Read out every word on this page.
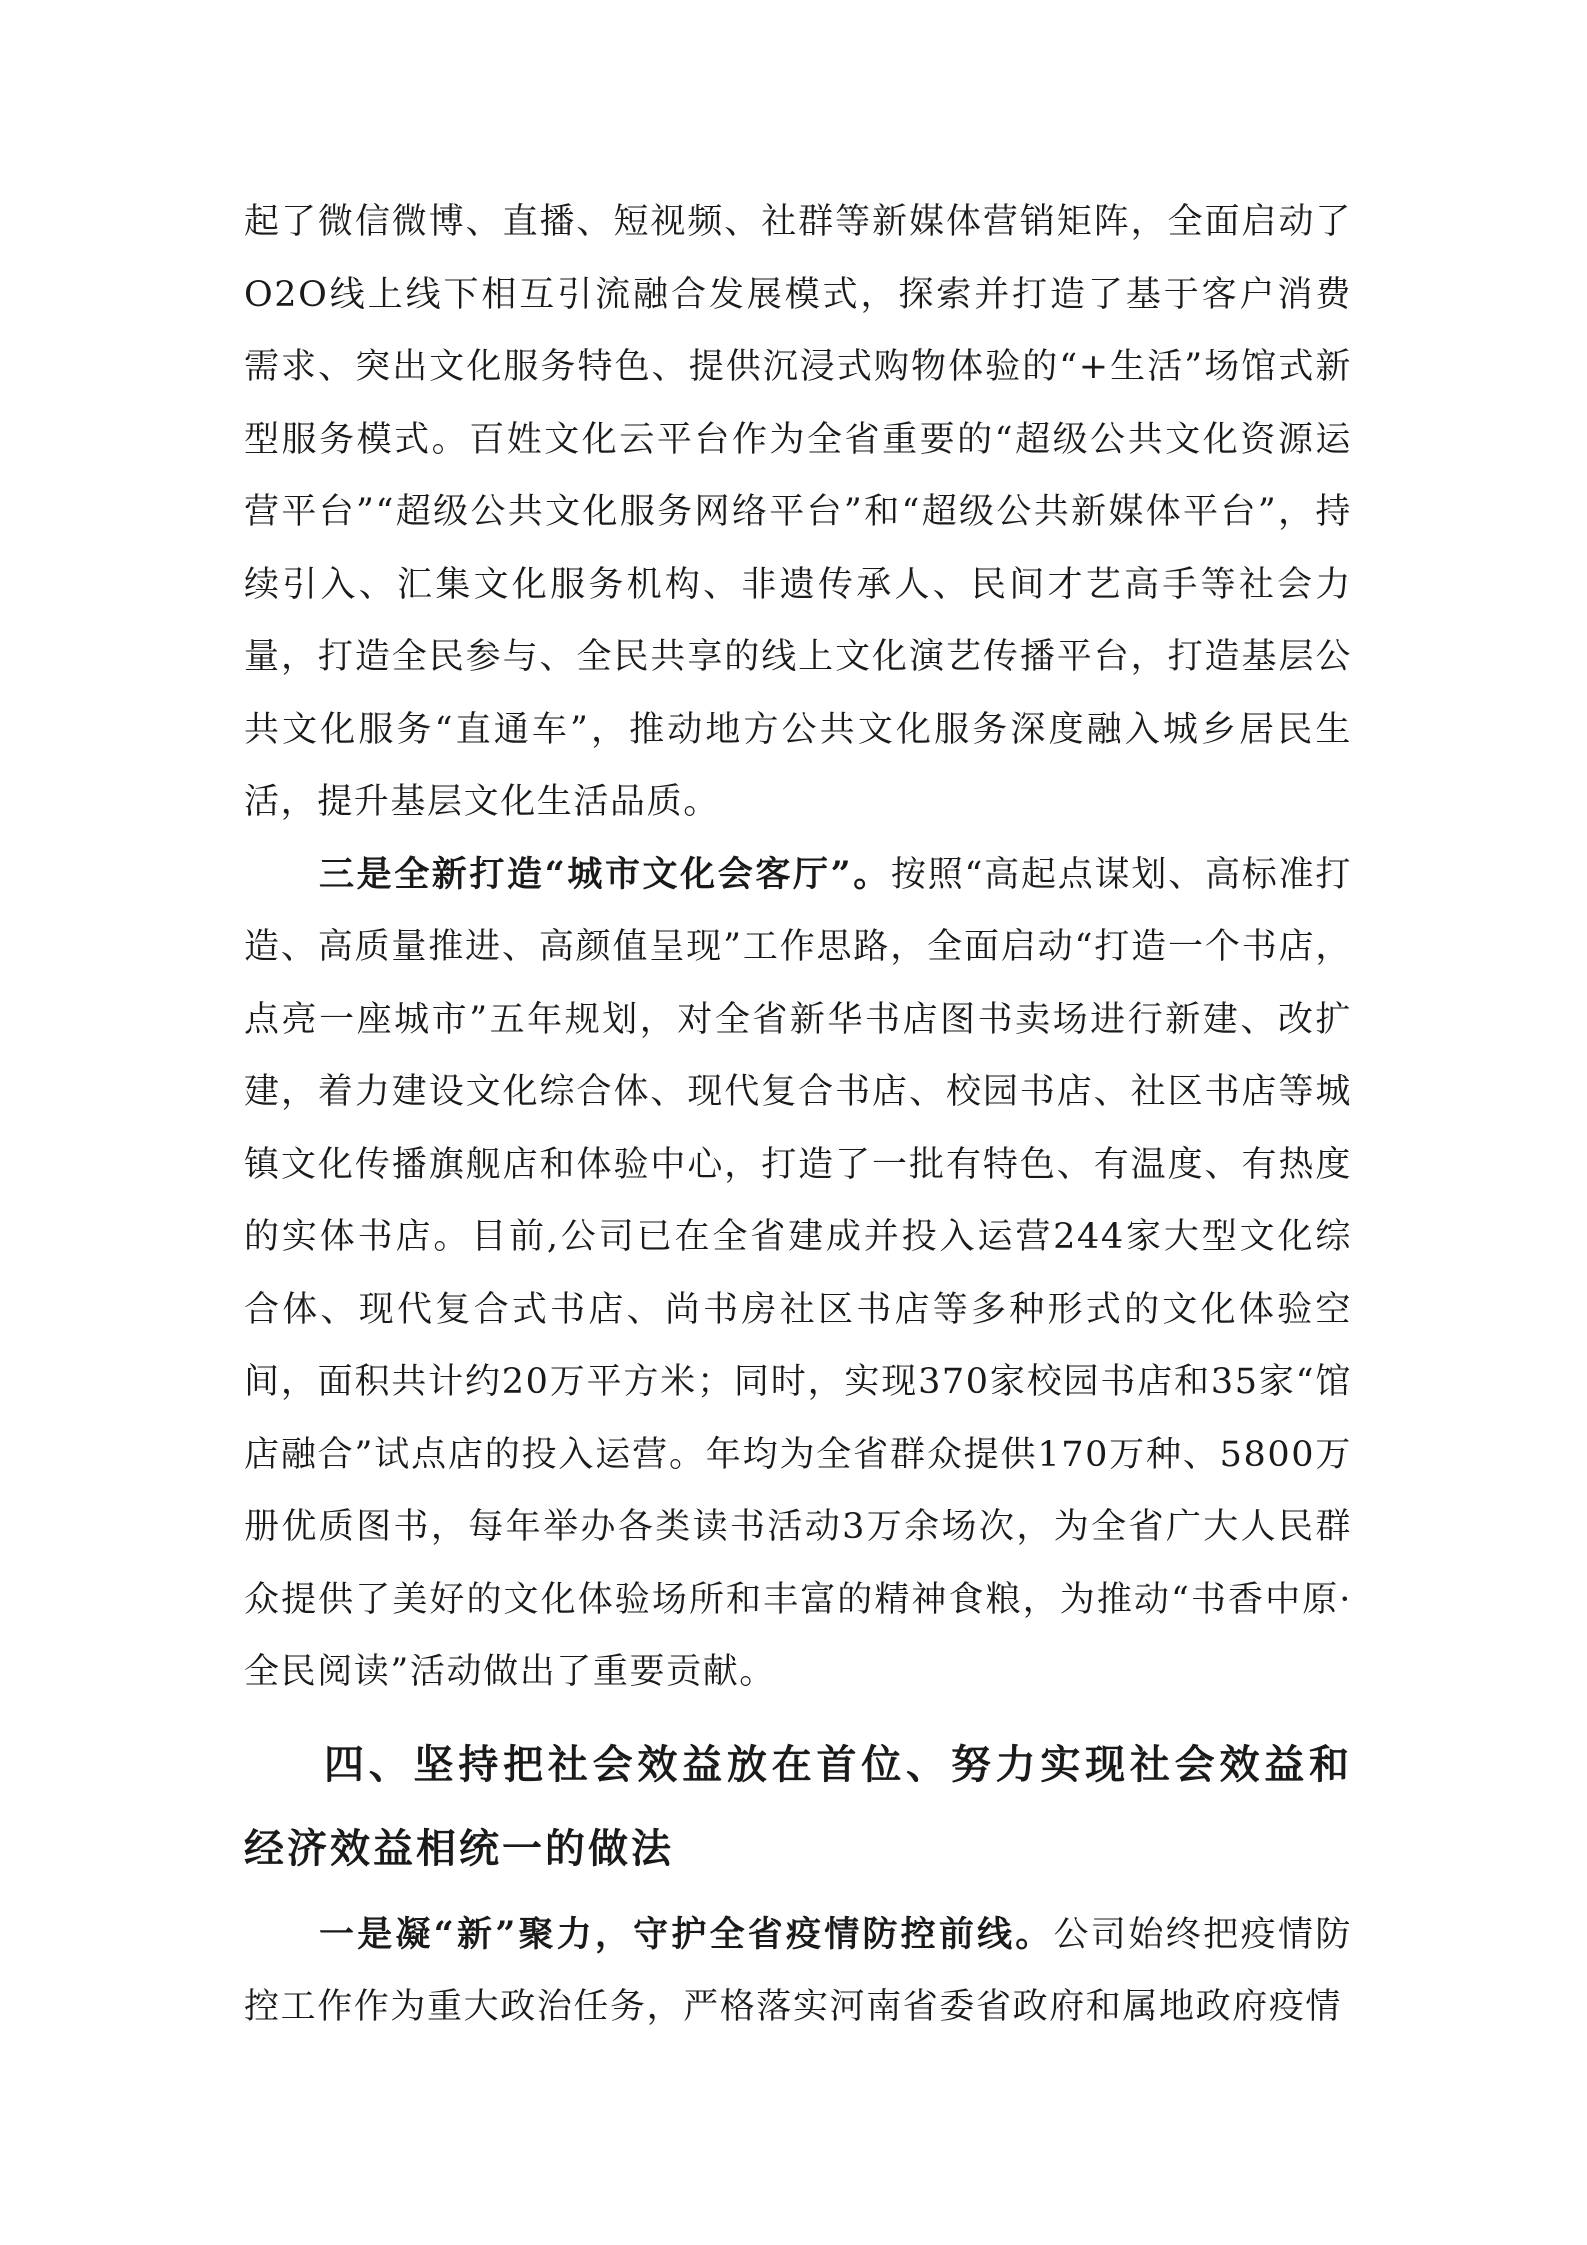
起了微信微博、直播、短视频、社群等新媒体营销矩阵，全面启动了O2O线上线下相互引流融合发展模式，探索并打造了基于客户消费需求、突出文化服务特色、提供沉浸式购物体验的“+生活”场馆式新型服务模式。百姓文化云平台作为全省重要的“超级公共文化资源运营平台”“超级公共文化服务网络平台”和“超级公共新媒体平台”，持续引入、汇集文化服务机构、非遗传承人、民间才艺高手等社会力量，打造全民参与、全民共享的线上文化演艺传播平台，打造基层公共文化服务“直通车”，推动地方公共文化服务深度融入城乡居民生活，提升基层文化生活品质。

三是全新打造“城市文化会客厅”。按照“高起点谋划、高标准打造、高质量推进、高颜值呈现”工作思路，全面启动“打造一个书店，点亮一座城市”五年规划，对全省新华书店图书卖场进行新建、改扩建，着力建设文化综合体、现代复合书店、校园书店、社区书店等城镇文化传播旗舰店和体验中心，打造了一批有特色、有温度、有热度的实体书店。目前,公司已在全省建成并投入运营244家大型文化综合体、现代复合式书店、尚书房社区书店等多种形式的文化体验空间，面积共计约20万平方米；同时，实现370家校园书店和35家“馆店融合”试点店的投入运营。年均为全省群众提供170万种、5800万册优质图书，每年举办各类读书活动3万余场次，为全省广大人民群众提供了美好的文化体验场所和丰富的精神食粮，为推动“书香中原·全民阅读”活动做出了重要贡献。

四、坚持把社会效益放在首位、努力实现社会效益和经济效益相统一的做法

一是凝“新”聚力，守护全省疫情防控前线。公司始终把疫情防控工作作为重大政治任务，严格落实河南省委省政府和属地政府疫情
